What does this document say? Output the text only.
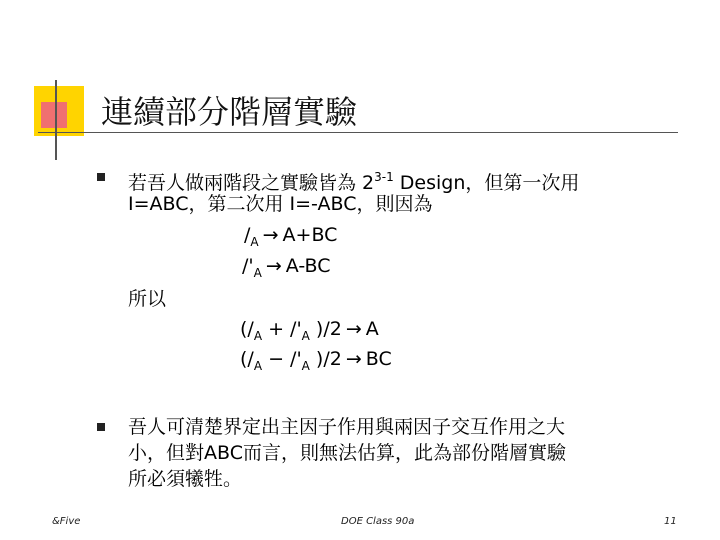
連續部分階層實驗
若吾人做兩階段之實驗皆為 2$^{3-1}$ Design，但第一次用
I=ABC，第二次用 I=-ABC，則因為
$/_A \to A+BC$
$/'_A \to A-BC$
所以
($/_A + /'_A$ )/2 → A
($/_A - /'_A$ )/2 → BC
吾人可清楚界定出主因子作用與兩因子交互作用之大
小，但對ABC而言，則無法估算，此為部份階層實驗
所必須犧牲。
&Five	DOE Class 90a	11
